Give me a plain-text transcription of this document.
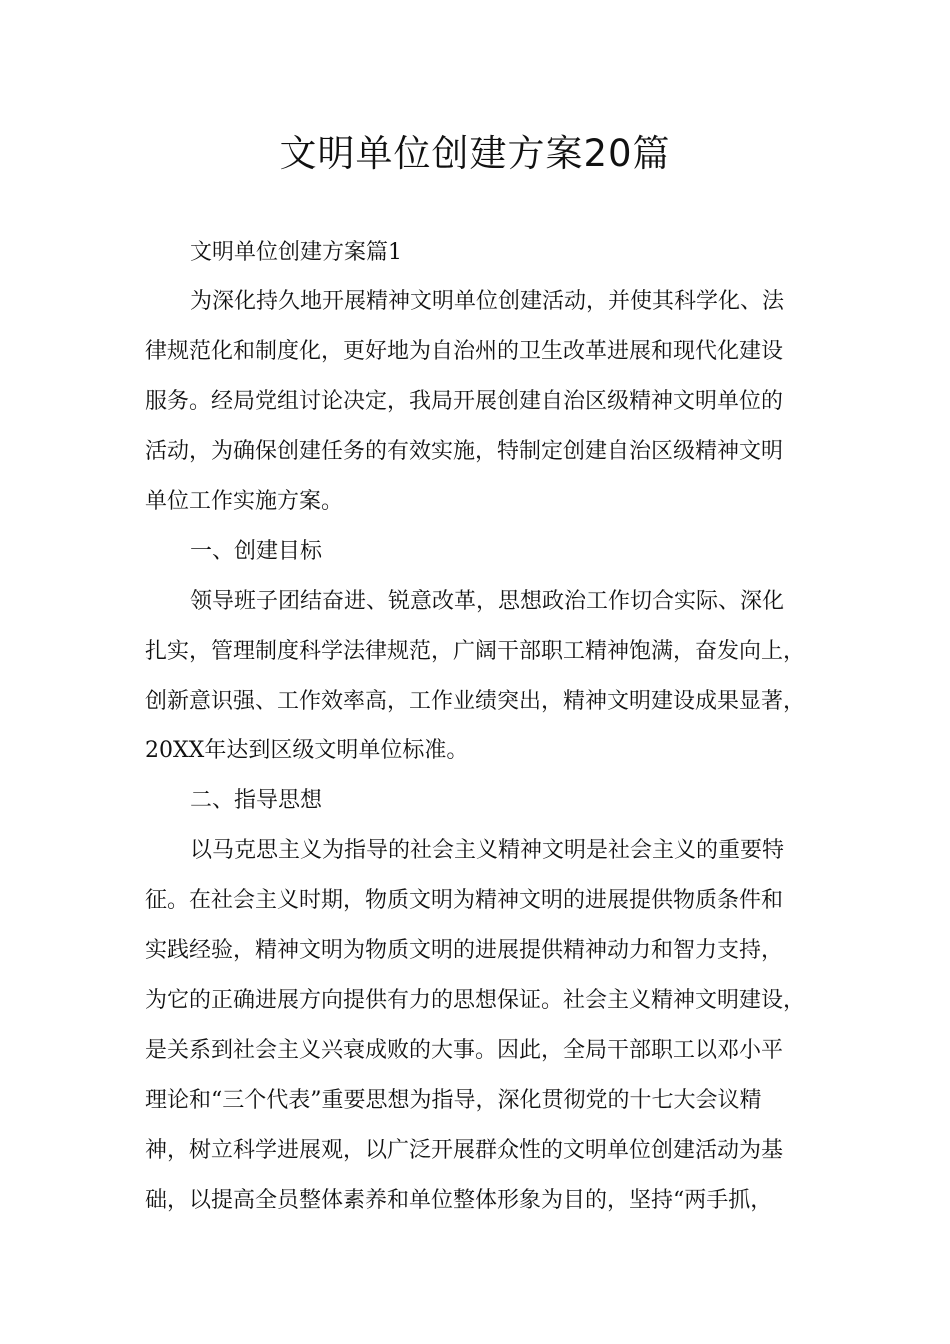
文明单位创建方案20篇

文明单位创建方案篇1

为深化持久地开展精神文明单位创建活动，并使其科学化、法

律规范化和制度化，更好地为自治州的卫生改革进展和现代化建设

服务。经局党组讨论决定，我局开展创建自治区级精神文明单位的

活动，为确保创建任务的有效实施，特制定创建自治区级精神文明

单位工作实施方案。

一、创建目标

领导班子团结奋进、锐意改革，思想政治工作切合实际、深化

扎实，管理制度科学法律规范，广阔干部职工精神饱满，奋发向上，

创新意识强、工作效率高，工作业绩突出，精神文明建设成果显著，

20XX年达到区级文明单位标准。

二、指导思想

以马克思主义为指导的社会主义精神文明是社会主义的重要特

征。在社会主义时期，物质文明为精神文明的进展提供物质条件和

实践经验，精神文明为物质文明的进展提供精神动力和智力支持，

为它的正确进展方向提供有力的思想保证。社会主义精神文明建设，

是关系到社会主义兴衰成败的大事。因此，全局干部职工以邓小平

理论和“三个代表”重要思想为指导，深化贯彻党的十七大会议精

神，树立科学进展观，以广泛开展群众性的文明单位创建活动为基

础，以提高全员整体素养和单位整体形象为目的，坚持“两手抓，
